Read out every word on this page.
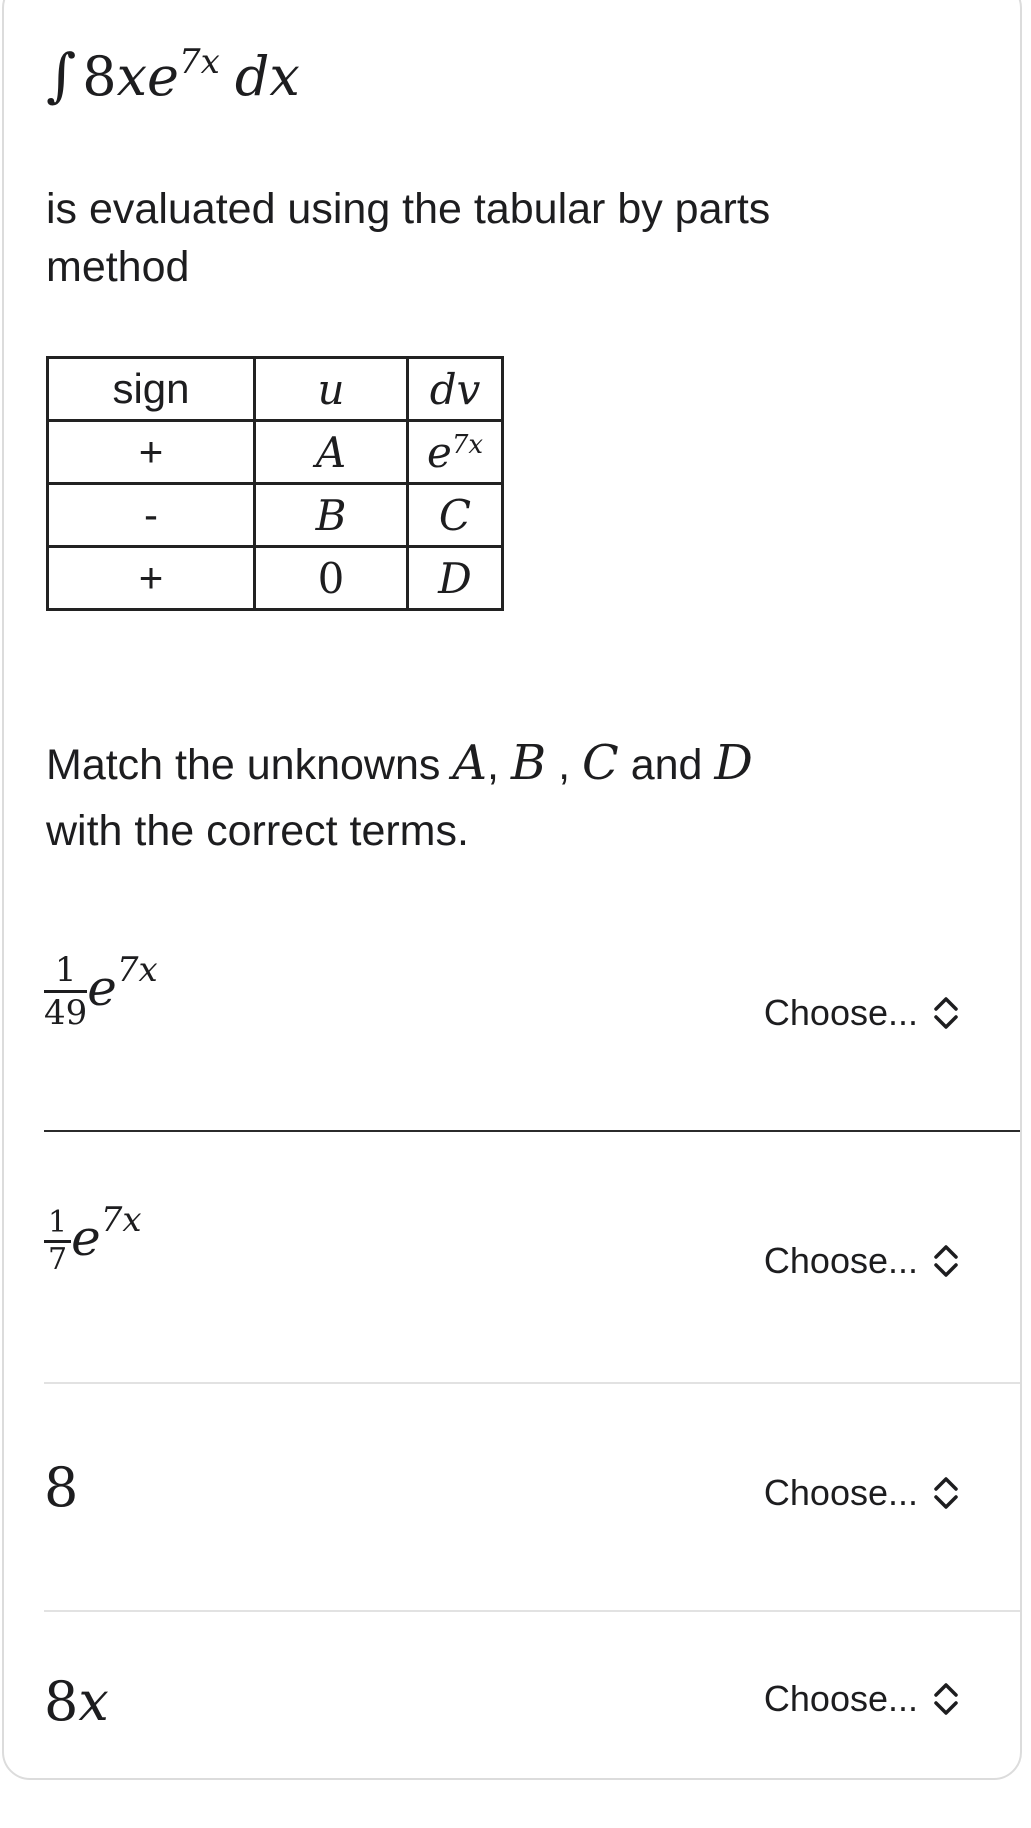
∫ $8xe^{7x}$ dx
is evaluated using the tabular by parts method
sign	u	dv
+	A	$e^{7x}$
-	B	C
+	0	D
Match the unknowns A, B , C and D
with the correct terms.
$\frac{1}{49} e^{7x}$
Choose...
$\frac{1}{7} e^{7x}$
Choose...
8	Choose...
8x	Choose...
